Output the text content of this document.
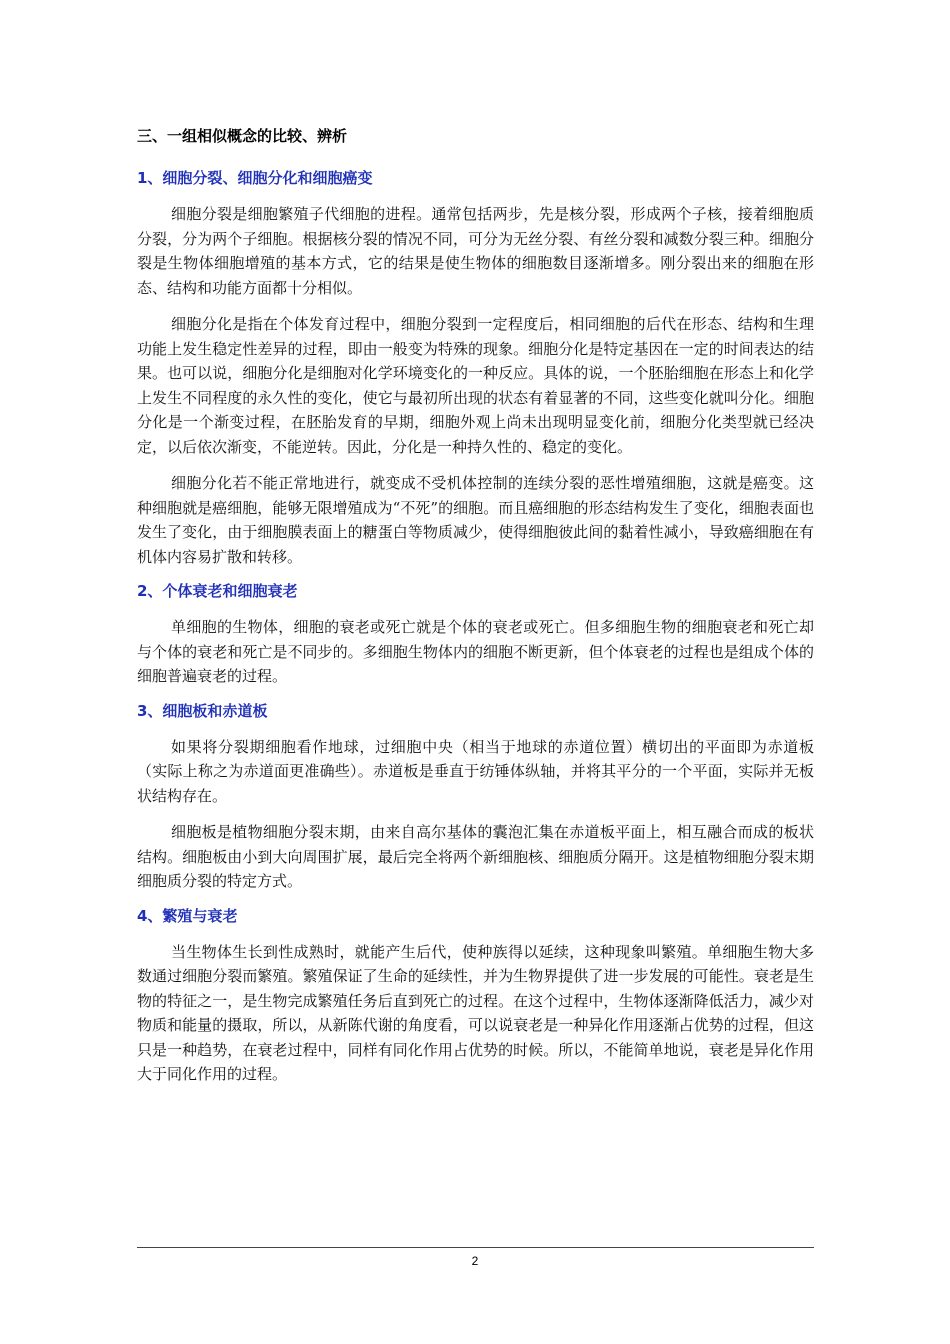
三、一组相似概念的比较、辨析
1、细胞分裂、细胞分化和细胞癌变

细胞分裂是细胞繁殖子代细胞的进程。通常包括两步，先是核分裂，形成两个子核，接着细胞质分裂，分为两个子细胞。根据核分裂的情况不同，可分为无丝分裂、有丝分裂和减数分裂三种。细胞分裂是生物体细胞增殖的基本方式，它的结果是使生物体的细胞数目逐渐增多。刚分裂出来的细胞在形态、结构和功能方面都十分相似。

细胞分化是指在个体发育过程中，细胞分裂到一定程度后，相同细胞的后代在形态、结构和生理功能上发生稳定性差异的过程，即由一般变为特殊的现象。细胞分化是特定基因在一定的时间表达的结果。也可以说，细胞分化是细胞对化学环境变化的一种反应。具体的说，一个胚胎细胞在形态上和化学上发生不同程度的永久性的变化，使它与最初所出现的状态有着显著的不同，这些变化就叫分化。细胞分化是一个渐变过程，在胚胎发育的早期，细胞外观上尚未出现明显变化前，细胞分化类型就已经决定，以后依次渐变，不能逆转。因此，分化是一种持久性的、稳定的变化。

细胞分化若不能正常地进行，就变成不受机体控制的连续分裂的恶性增殖细胞，这就是癌变。这种细胞就是癌细胞，能够无限增殖成为“不死”的细胞。而且癌细胞的形态结构发生了变化，细胞表面也发生了变化，由于细胞膜表面上的糖蛋白等物质减少，使得细胞彼此间的黏着性减小，导致癌细胞在有机体内容易扩散和转移。

2、个体衰老和细胞衰老

单细胞的生物体，细胞的衰老或死亡就是个体的衰老或死亡。但多细胞生物的细胞衰老和死亡却与个体的衰老和死亡是不同步的。多细胞生物体内的细胞不断更新，但个体衰老的过程也是组成个体的细胞普遍衰老的过程。

3、细胞板和赤道板

如果将分裂期细胞看作地球，过细胞中央（相当于地球的赤道位置）横切出的平面即为赤道板（实际上称之为赤道面更准确些）。赤道板是垂直于纺锤体纵轴，并将其平分的一个平面，实际并无板状结构存在。

细胞板是植物细胞分裂末期，由来自高尔基体的囊泡汇集在赤道板平面上，相互融合而成的板状结构。细胞板由小到大向周围扩展，最后完全将两个新细胞核、细胞质分隔开。这是植物细胞分裂末期细胞质分裂的特定方式。

4、繁殖与衰老

当生物体生长到性成熟时，就能产生后代，使种族得以延续，这种现象叫繁殖。单细胞生物大多数通过细胞分裂而繁殖。繁殖保证了生命的延续性，并为生物界提供了进一步发展的可能性。衰老是生物的特征之一，是生物完成繁殖任务后直到死亡的过程。在这个过程中，生物体逐渐降低活力，减少对物质和能量的摄取，所以，从新陈代谢的角度看，可以说衰老是一种异化作用逐渐占优势的过程，但这只是一种趋势，在衰老过程中，同样有同化作用占优势的时候。所以，不能简单地说，衰老是异化作用大于同化作用的过程。

2
